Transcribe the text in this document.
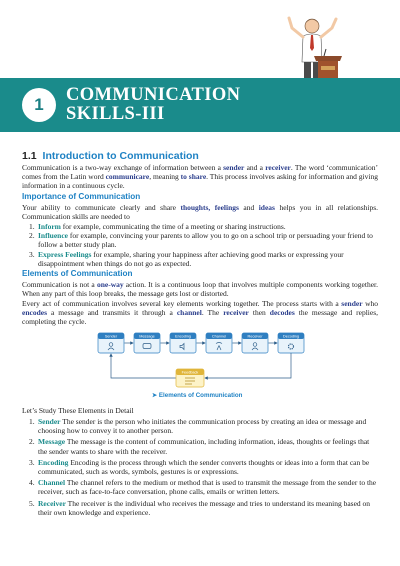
1	COMMUNICATION
SKILLS-III
1.1 Introduction to Communication
Communication is a two-way exchange of information between a sender and a receiver. The word ‘communication’ comes from the Latin word communicare, meaning to share. This process involves asking for information and giving information in a continuous cycle.
Importance of Communication
Your ability to communicate clearly and share thoughts, feelings and ideas helps you in all relationships. Communication skills are needed to
1. Inform for example, communicating the time of a meeting or sharing instructions.
2. Influence for example, convincing your parents to allow you to go on a school trip or persuading your friend to follow a better study plan.
3. Express Feelings for example, sharing your happiness after achieving good marks or expressing your disappointment when things do not go as expected.
Elements of Communication
Communication is not a one-way action. It is a continuous loop that involves multiple components working together. When any part of this loop breaks, the message gets lost or distorted.
Every act of communication involves several key elements working together. The process starts with a sender who encodes a message and transmits it through a channel. The receiver then decodes the message and replies, completing the cycle.
Sender	Message	Encoding	Channel	Receiver	Decoding
Feedback
➤ Elements of Communication
Let’s Study These Elements in Detail
1. Sender The sender is the person who initiates the communication process by creating an idea or message and choosing how to convey it to another person.
2. Message The message is the content of communication, including information, ideas, thoughts or feelings that the sender wants to share with the receiver.
3. Encoding Encoding is the process through which the sender converts thoughts or ideas into a form that can be communicated, such as words, symbols, gestures is or expressions.
4. Channel The channel refers to the medium or method that is used to transmit the message from the sender to the receiver, such as face-to-face conversation, phone calls, emails or written letters.
5. Receiver The receiver is the individual who receives the message and tries to understand its meaning based on their own knowledge and experience.
